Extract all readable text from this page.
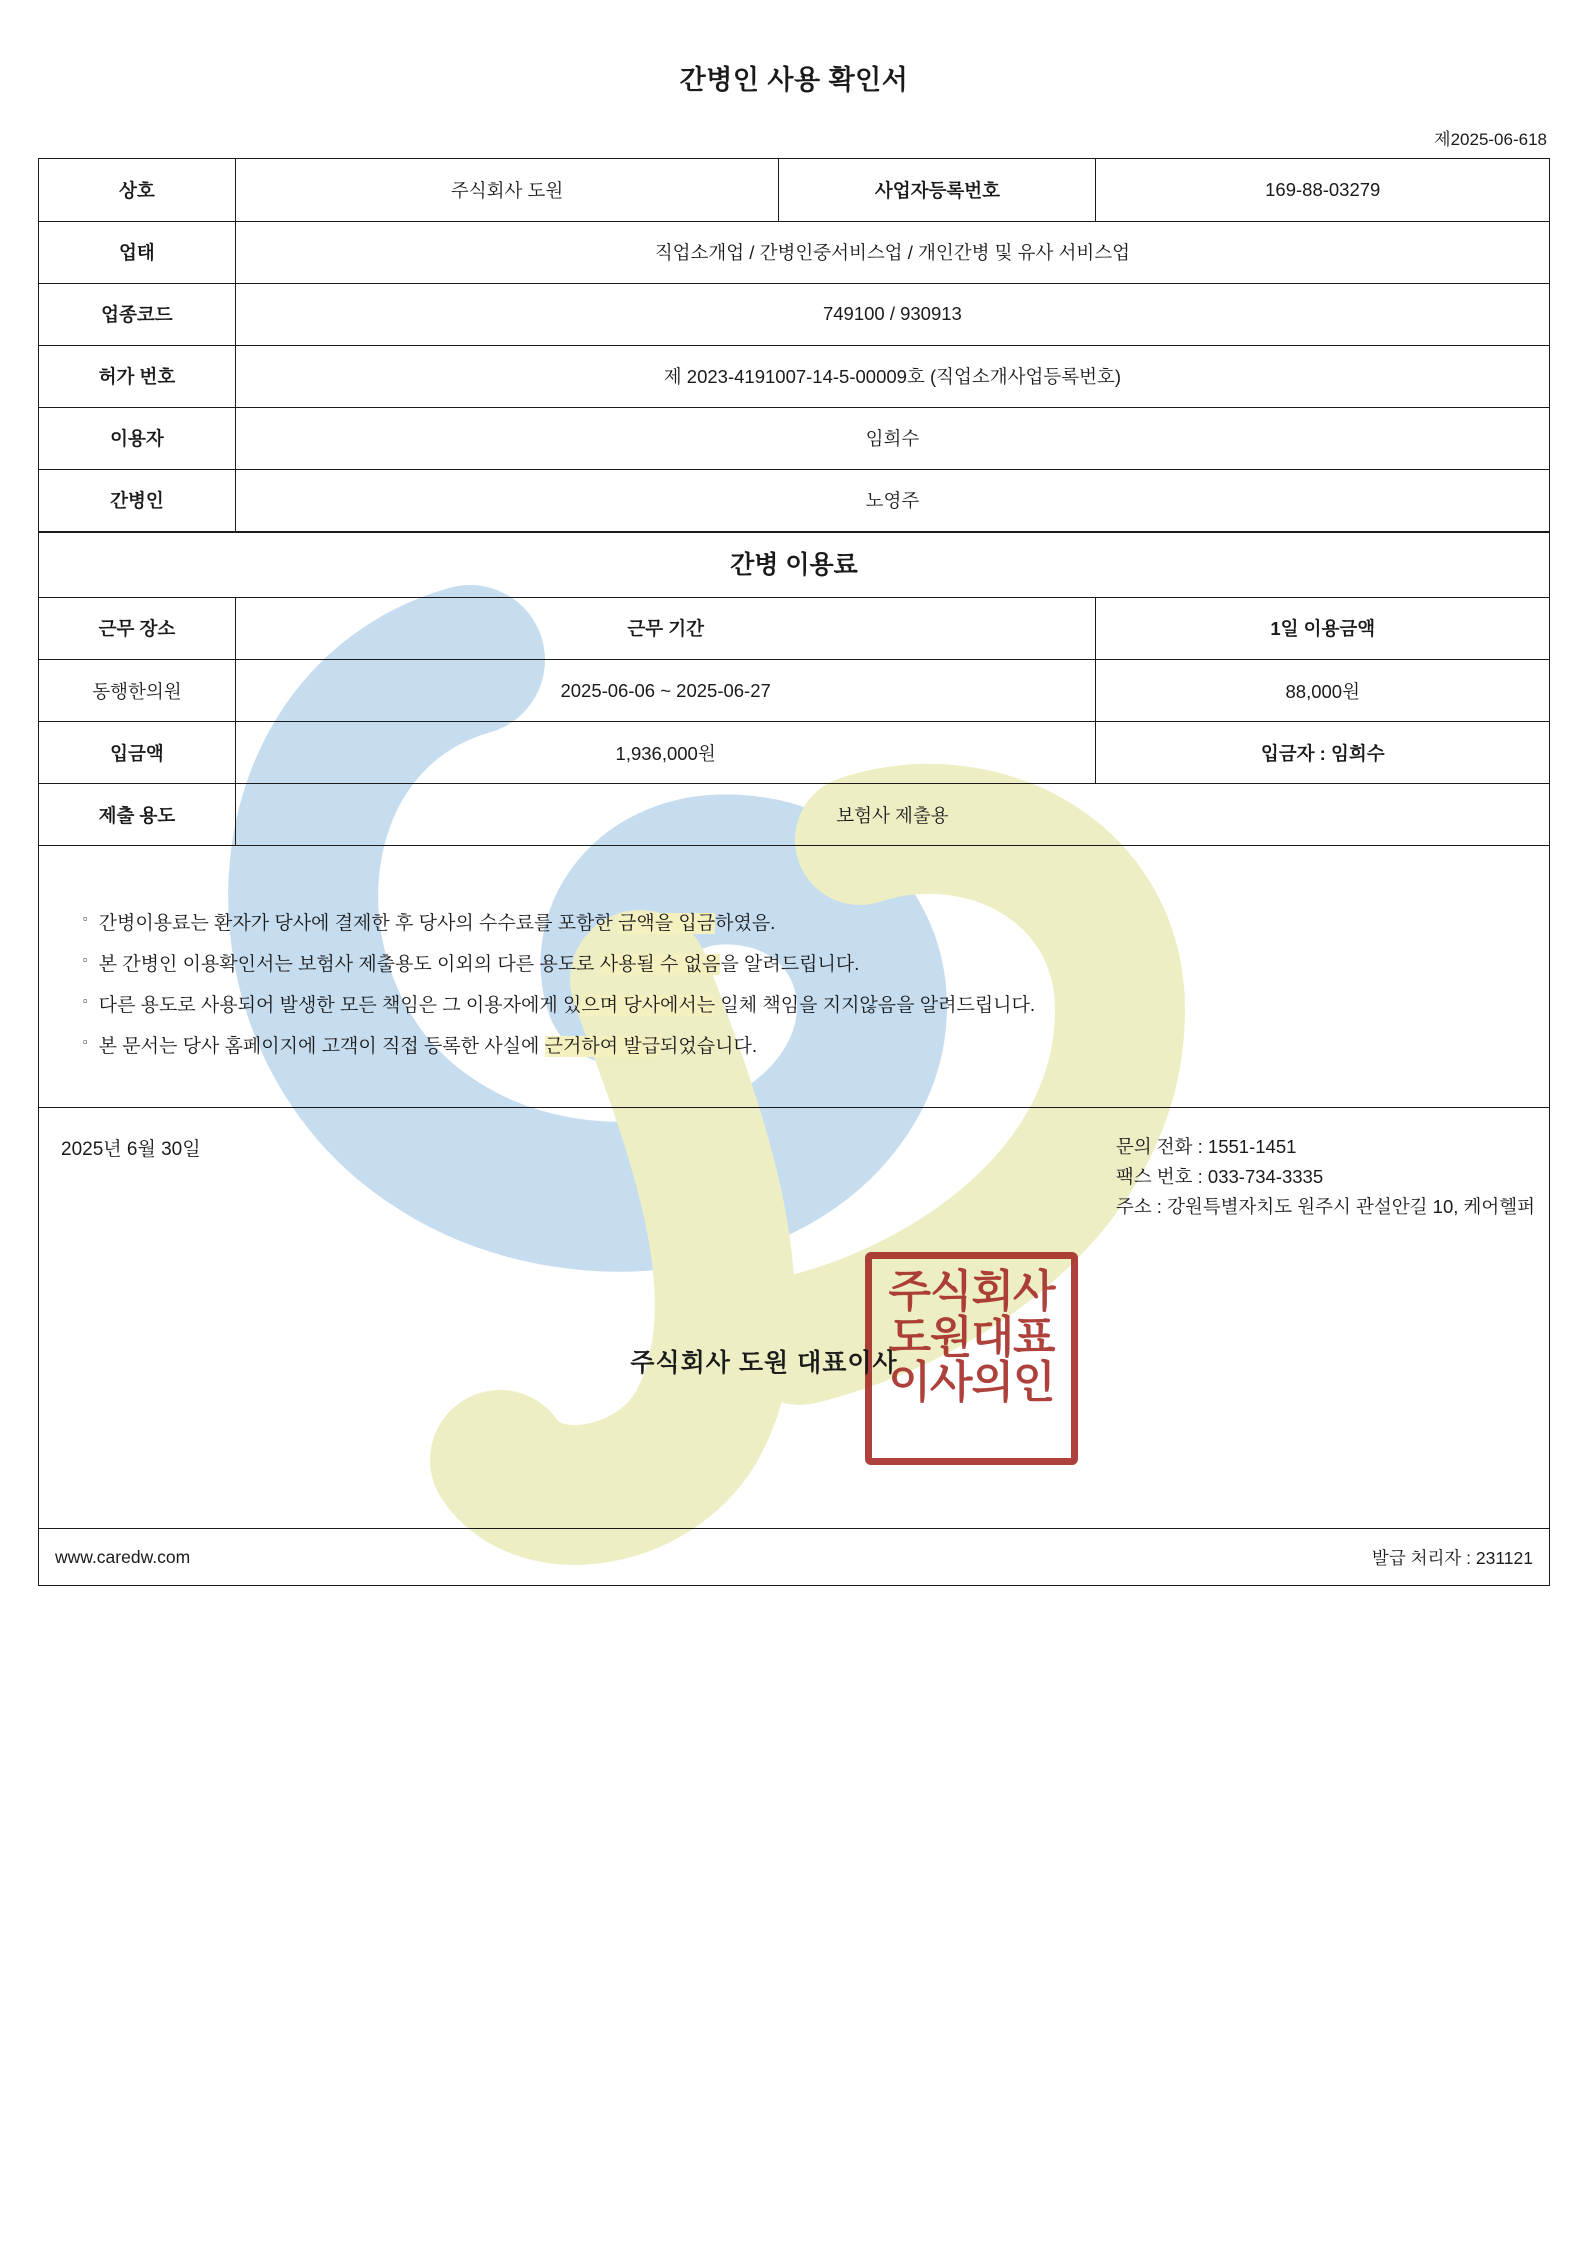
간병인 사용 확인서
제2025-06-618
상호	주식회사 도원	사업자등록번호	169-88-03279
업태	직업소개업 / 간병인중서비스업 / 개인간병 및 유사 서비스업		
업종코드	749100 / 930913		
허가 번호	제 2023-4191007-14-5-00009호 (직업소개사업등록번호)		
이용자	임희수		
간병인	노영주		
간병 이용료
근무 장소	근무 기간	1일 이용금액
동행한의원	2025-06-06 ~ 2025-06-27	88,000원
입금액	1,936,000원	입금자 : 임희수
제출 용도	보험사 제출용	
▫ 간병이용료는 환자가 당사에 결제한 후 당사의 수수료를 포함한 금액을 입금하였음.
▫ 본 간병인 이용확인서는 보험사 제출용도 이외의 다른 용도로 사용될 수 없음을 알려드립니다.
▫ 다른 용도로 사용되어 발생한 모든 책임은 그 이용자에게 있으며 당사에서는 일체 책임을 지지않음을 알려드립니다.
▫ 본 문서는 당사 홈페이지에 고객이 직접 등록한 사실에 근거하여 발급되었습니다.
2025년 6월 30일	문의 전화 : 1551-1451
팩스 번호 : 033-734-3335
주소 : 강원특별자치도 원주시 관설안길 10, 케어헬퍼
주식회사
도원대표
이사의인
주식회사 도원 대표이사
www.caredw.com	발급 처리자 : 231121
